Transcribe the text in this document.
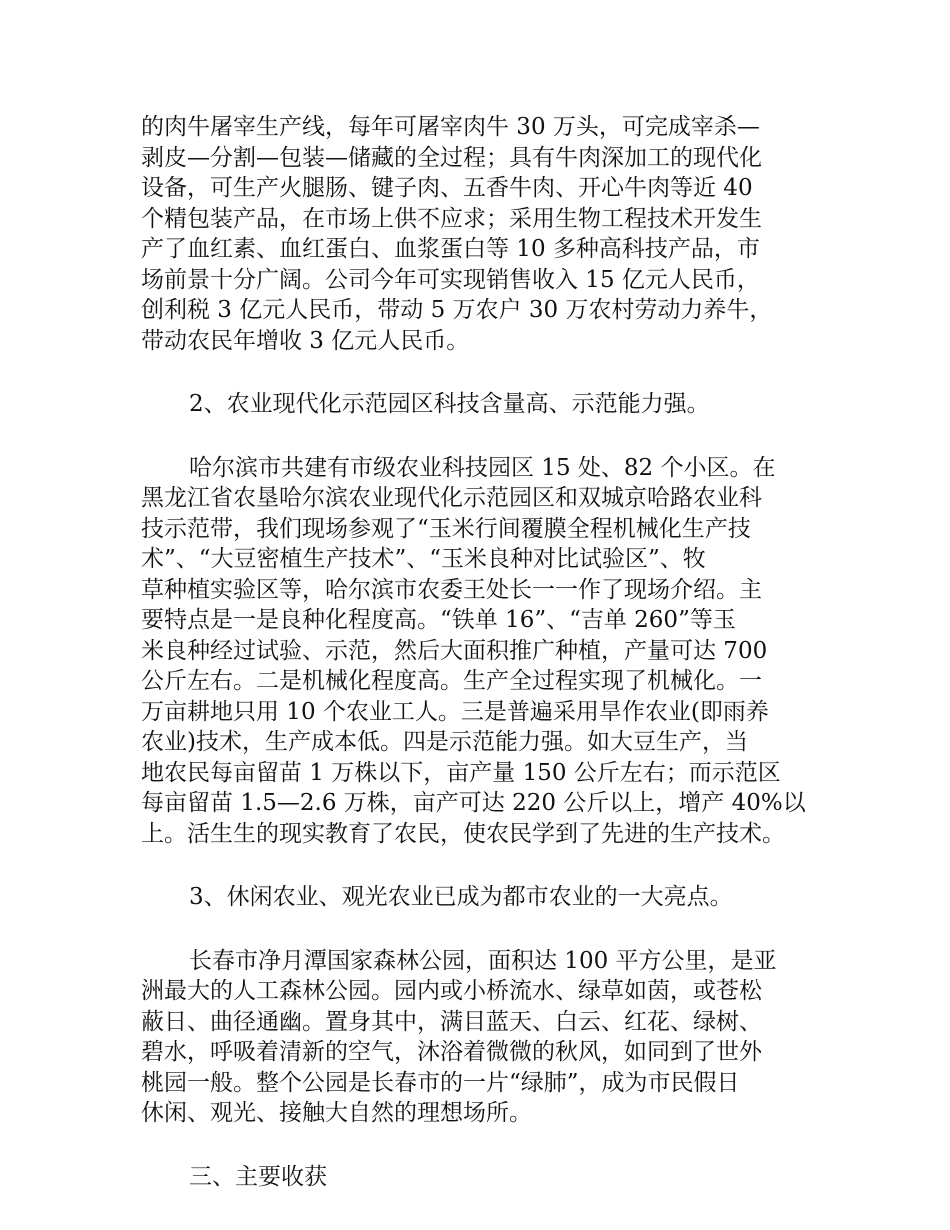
的肉牛屠宰生产线，每年可屠宰肉牛 30 万头，可完成宰杀—
剥皮—分割—包装—储藏的全过程；具有牛肉深加工的现代化
设备，可生产火腿肠、键子肉、五香牛肉、开心牛肉等近 40
个精包装产品，在市场上供不应求；采用生物工程技术开发生
产了血红素、血红蛋白、血浆蛋白等 10 多种高科技产品，市
场前景十分广阔。公司今年可实现销售收入 15 亿元人民币，
创利税 3 亿元人民币，带动 5 万农户 30 万农村劳动力养牛，
带动农民年增收 3 亿元人民币。
2、农业现代化示范园区科技含量高、示范能力强。
哈尔滨市共建有市级农业科技园区 15 处、82 个小区。在
黑龙江省农垦哈尔滨农业现代化示范园区和双城京哈路农业科
技示范带，我们现场参观了“玉米行间覆膜全程机械化生产技
术”、“大豆密植生产技术”、“玉米良种对比试验区”、牧
草种植实验区等，哈尔滨市农委王处长一一作了现场介绍。主
要特点是一是良种化程度高。“铁单 16”、“吉单 260”等玉
米良种经过试验、示范，然后大面积推广种植，产量可达 700
公斤左右。二是机械化程度高。生产全过程实现了机械化。一
万亩耕地只用 10 个农业工人。三是普遍采用旱作农业(即雨养
农业)技术，生产成本低。四是示范能力强。如大豆生产，当
地农民每亩留苗 1 万株以下，亩产量 150 公斤左右；而示范区
每亩留苗 1.5—2.6 万株，亩产可达 220 公斤以上，增产 40%以
上。活生生的现实教育了农民，使农民学到了先进的生产技术。
3、休闲农业、观光农业已成为都市农业的一大亮点。
长春市净月潭国家森林公园，面积达 100 平方公里，是亚
洲最大的人工森林公园。园内或小桥流水、绿草如茵，或苍松
蔽日、曲径通幽。置身其中，满目蓝天、白云、红花、绿树、
碧水，呼吸着清新的空气，沐浴着微微的秋风，如同到了世外
桃园一般。整个公园是长春市的一片“绿肺”，成为市民假日
休闲、观光、接触大自然的理想场所。
三、主要收获
